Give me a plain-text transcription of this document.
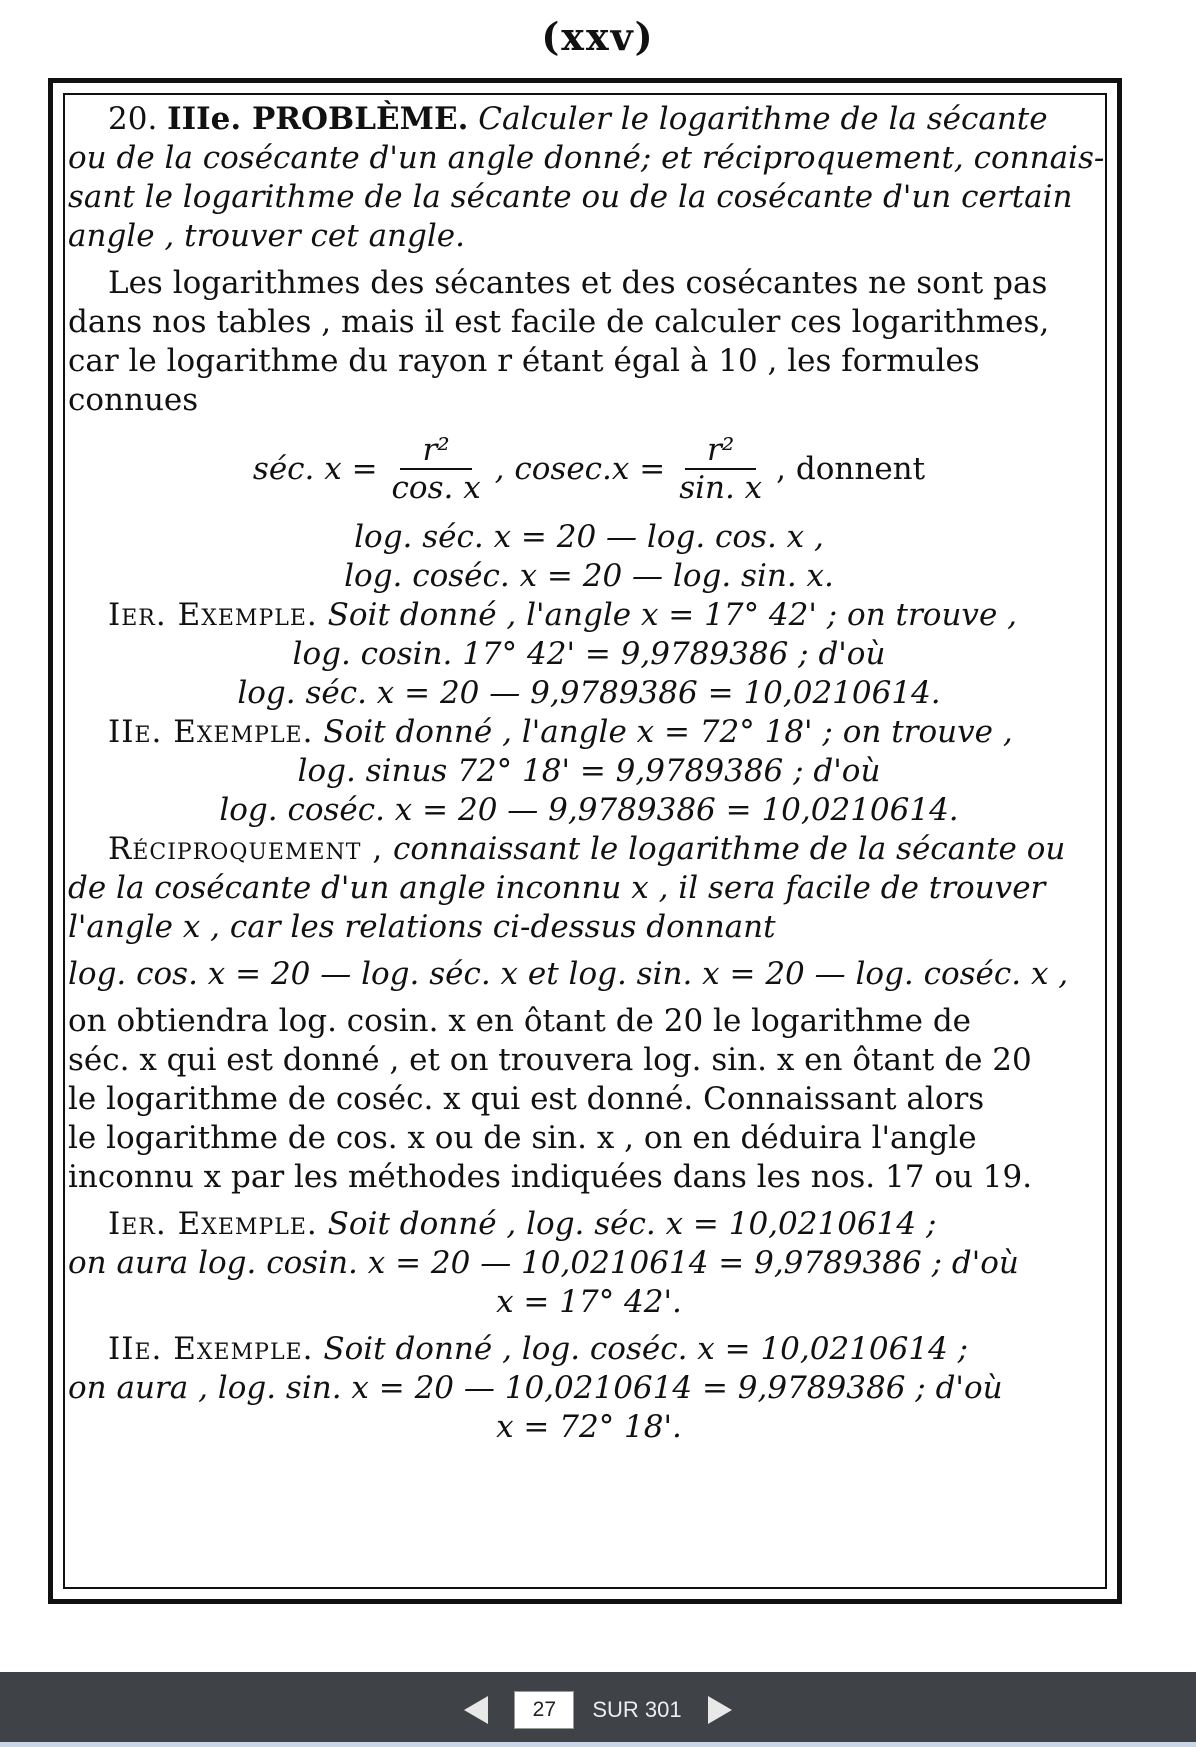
(xxv)

20. IIIe. PROBLÈME. Calculer le logarithme de la sécante

ou de la cosécante d'un angle donné; et réciproquement, connais-

sant le logarithme de la sécante ou de la cosécante d'un certain

angle , trouver cet angle.

Les logarithmes des sécantes et des cosécantes ne sont pas

dans nos tables , mais il est facile de calculer ces logarithmes,

car le logarithme du rayon r étant égal à 10 , les formules

connues

séc. $x = \frac{\text{r²}}{\cos. x}$ , $cosec.x = \frac{\text{r²}}{\sin. x}$ , donnent

log. séc. x = 20 — log. cos. x ,

log. coséc. x = 20 — log. sin. x.

Ier. Exemple. Soit donné , l'angle x = 17° 42' ; on trouve ,

log. cosin. 17° 42' = 9,9789386 ; d'où

log. séc. x = 20 — 9,9789386 = 10,0210614.

IIe. Exemple. Soit donné , l'angle x = 72° 18' ; on trouve ,

log. sinus 72° 18' = 9,9789386 ; d'où

log. coséc. x = 20 — 9,9789386 = 10,0210614.

Réciproquement , connaissant le logarithme de la sécante ou

de la cosécante d'un angle inconnu x , il sera facile de trouver

l'angle x , car les relations ci-dessus donnant

log. cos. x = 20 — log. séc. x et log. sin. x = 20 — log. coséc. x ,

on obtiendra log. cosin. x en ôtant de 20 le logarithme de

séc. x qui est donné , et on trouvera log. sin. x en ôtant de 20

le logarithme de coséc. x qui est donné. Connaissant alors

le logarithme de cos. x ou de sin. x , on en déduira l'angle

inconnu x par les méthodes indiquées dans les nos. 17 ou 19.

Ier. Exemple. Soit donné , log. séc. x = 10,0210614 ;

on aura log. cosin. x = 20 — 10,0210614 = 9,9789386 ; d'où

x = 17° 42'.

IIe. Exemple. Soit donné , log. coséc. x = 10,0210614 ;

on aura , log. sin. x = 20 — 10,0210614 = 9,9789386 ; d'où

x = 72° 18'.

27
SUR 301
